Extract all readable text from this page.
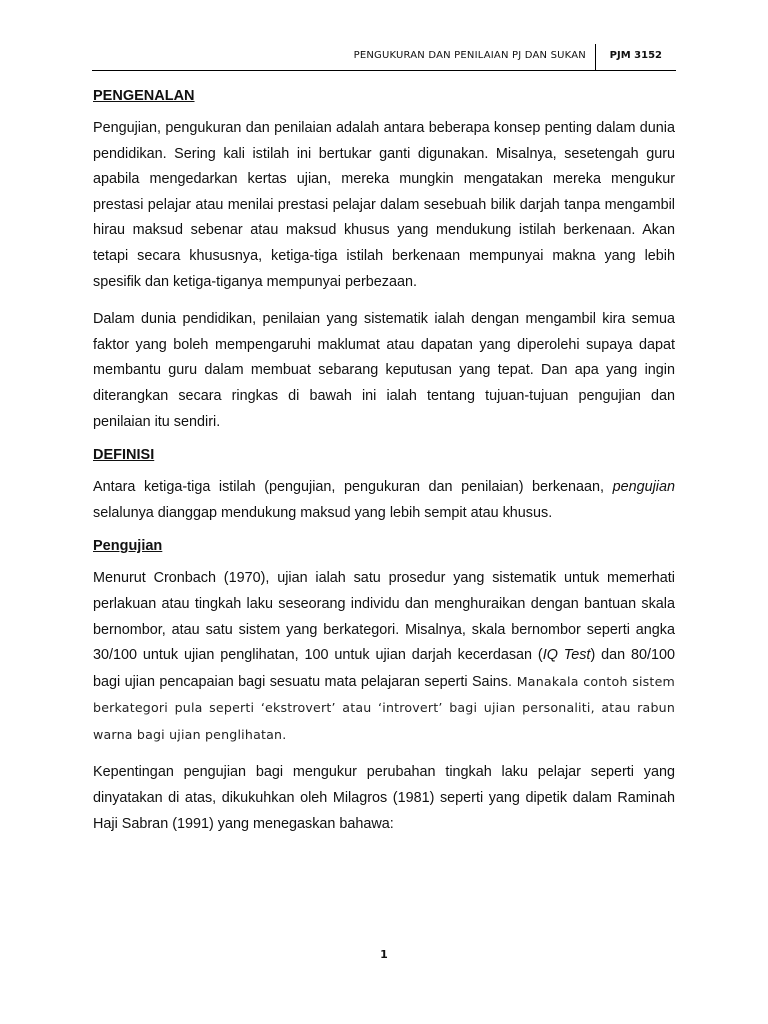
PENGUKURAN DAN PENILAIAN PJ DAN SUKAN PJM 3152
PENGENALAN

Pengujian, pengukuran dan penilaian adalah antara beberapa konsep penting dalam dunia pendidikan. Sering kali istilah ini bertukar ganti digunakan. Misalnya, sesetengah guru apabila mengedarkan kertas ujian, mereka mungkin mengatakan mereka mengukur prestasi pelajar atau menilai prestasi pelajar dalam sesebuah bilik darjah tanpa mengambil hirau maksud sebenar atau maksud khusus yang mendukung istilah berkenaan. Akan tetapi secara khususnya, ketiga-tiga istilah berkenaan mempunyai makna yang lebih spesifik dan ketiga-tiganya mempunyai perbezaan.

Dalam dunia pendidikan, penilaian yang sistematik ialah dengan mengambil kira semua faktor yang boleh mempengaruhi maklumat atau dapatan yang diperolehi supaya dapat membantu guru dalam membuat sebarang keputusan yang tepat. Dan apa yang ingin diterangkan secara ringkas di bawah ini ialah tentang tujuan-tujuan pengujian dan penilaian itu sendiri.

DEFINISI

Antara ketiga-tiga istilah (pengujian, pengukuran dan penilaian) berkenaan, pengujian selalunya dianggap mendukung maksud yang lebih sempit atau khusus.

Pengujian

Menurut Cronbach (1970), ujian ialah satu prosedur yang sistematik untuk memerhati perlakuan atau tingkah laku seseorang individu dan menghuraikan dengan bantuan skala bernombor, atau satu sistem yang berkategori. Misalnya, skala bernombor seperti angka 30/100 untuk ujian penglihatan, 100 untuk ujian darjah kecerdasan (IQ Test) dan 80/100 bagi ujian pencapaian bagi sesuatu mata pelajaran seperti Sains. Manakala contoh sistem berkategori pula seperti ‘ekstrovert’ atau ‘introvert’ bagi ujian personaliti, atau rabun warna bagi ujian penglihatan.

Kepentingan pengujian bagi mengukur perubahan tingkah laku pelajar seperti yang dinyatakan di atas, dikukuhkan oleh Milagros (1981) seperti yang dipetik dalam Raminah Haji Sabran (1991) yang menegaskan bahawa:

1
